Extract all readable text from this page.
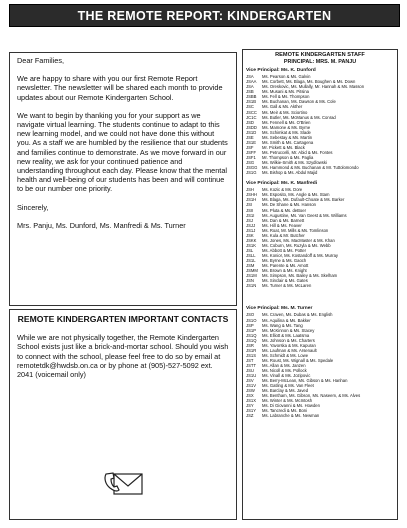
THE REMOTE REPORT: KINDERGARTEN

Dear Families,

We are happy to share with you our first Remote Report newsletter. The newsletter will be shared each month to provide updates about our Remote Kindergarten School.

We want to begin by thanking you for your support as we navigate virtual learning. The students continue to adapt to this new learning model, and we could not have done this without you. As a staff we are humbled by the resilience that our students and families continue to demonstrate. As we move forward in our new reality, we ask for your continued patience and understanding throughout each day. Please know that the mental health and well-being of our students has been and will continue to be our number one priority.

Sincerely,

Mrs. Panju, Ms. Dunford, Ms. Manfredi & Ms. Turner

REMOTE KINDERGARTEN IMPORTANT CONTACTS

While we are not physically together, the Remote Kindergarten School exists just like a brick-and-mortar school. Should you wish to connect with the school, please feel free to do so by email at remotetdk@hwdsb.on.ca or by phone at (905)-527-5092 ext. 2041 (voicemail only)

REMOTE KINDERGARTEN STAFF
PRINCIPAL: MRS. M. PANJU
Vice Principal: Ms. K. Dunford
JSA	Ms. Pearson & Ms. Galvin
JSAA	Ms. Corbett, Ms. Blaga, Ms. Boughen & Ms. Down
JSA	Ms. Oreskovic, Ms. Mullally, Mr. Hannah & Ms. Masson
JSB	Ms. Musani & Ms. Pitsina
JSBB	Ms. Fell & Ms. Thompson
JS1B	Ms. Buchanan, Ms. Dawson & Ms. Cole
JSC	Ms. Gall & Ms. Akther
JSCC	Ms. Meir & Ms. Sciortino
JC1C	Ms. Butler, Ms. McManus & Ms. Conrad
JSD	Ms. Fennell & Ms. O'Brien
JSDD	Ms. Mamone & Ms. Byrne
JS1D	Ms. Schimkat & Ms. Slade
JSE	Ms. Sebestay & Ms. Martin
JS1E	Ms. Smith & Ms. Cartagena
JSF	Mr. Pickett & Ms. Black
JSFF	Ms. Petruccelli, Mr. Abid & Ms. Fontes
JSF1	Mr. Thompson & Ms. Paglia
JSG	Ms. Wilkie-Smith & Ms. Szydlowski
JSGG	Ms. Hammond & Ms. Buchanan & Mr. Tuttolomondo
JS1G	Ms. Bishop & Ms. Abdul Majid
Vice Principal: Ms. K. Manfredi
JSH	Ms. Kozic & Ms. Dore
JSHH	Ms. Esposito, Ms. Angle & Ms. Stam
JS1H	Ms. Blaga, Ms. Dufault-Choate & Ms. Barker
JSI	Ms. De Shane & Ms. Hanson
JSII	Ms. Pluta & Ms. deBoer
JS1I	Ms. Augustine, Ms. Van Geest & Ms. Williams
JSJ	Ms. Dan & Ms. Barnett
JSJJ	Ms. Hill & Ms. Feaver
JS1J	Ms. Roat, Mr. Mills & Ms. Tomlinson
JSK	Ms. Kula & Mr. Butcher
JSKK	Ms. Jones, Ms. MacMaster & Ms. Khan
JS1K	Ms. Coburn, Ms. Ruzyla & Ms. Webb
JSL	Ms. Abbott & Ms. Potter
JSLL	Ms. Konior, Ms. Kostandoff & Ms. Murray
JS1L	Ms. Byrne & Ms. Gaoch
JSM	Ms. Parente & Ms. Amott
JSMM Ms. Brown & Ms. Knight
JS1M	Ms. Simpson, Ms. Bailey & Ms. Skelham
JSN	Ms. Sinclair & Ms. Gates
JS1N	Ms. Turner & Ms. McLaren
Vice Principal: Ms. M. Turner
JSO	Ms. Craven, Ms. Dubas & Ms. English
JS1O	Ms. Aquilina & Ms. Bakker
JSP	Ms. Wang & Ms. Tang
JS1P	Ms. McKinnon & Ms. Stacey
JS1Q	Ms. Elliott & Ms. Laatsma
JS1Q	Ms. Johnson & Ms. Charters
JSR	Ms. Yavorska & Ms. Kapuran
JS1R	Ms. Laufman & Ms. Arsenault
JS1S	Ms. Schmidt & Ms. Lowe
JST	Ms. Roust, Ms. Wignall & Ms. Spedale
JSTT	Ms. Allan & Ms. Janzen
JSU	Ms. Nicoll & Ms. Pollock
JS1U	Ms. Vinall & Ms. Jozipovic
JSV	Ms. Berry-McLean, Ms. Gibson & Ms. Hanhan
JS1V	Ms. Gatling & Ms. Van Fleet
JSW	Ms. Barclay & Ms. Javed
JSX	Ms. Bentham, Ms. Gibson, Ms. Naseem, & Ms. Alves
JS1X	Ms. Winter & Ms. McIntosh
JSY	Ms. Di Giovanni & Ms. Howden
JS1Y	Ms. Tancredi & Ms. Boni
JSZ	Ms. Labranche & Ms. Newman
